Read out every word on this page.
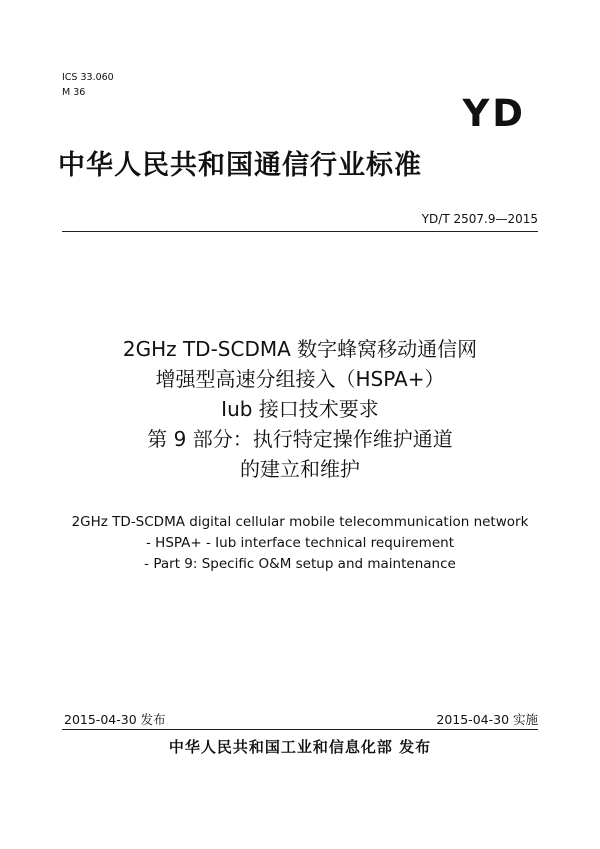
ICS 33.060
M 36	YD
中华人民共和国通信行业标准
YD/T 2507.9—2015
2GHz TD-SCDMA 数字蜂窝移动通信网
增强型高速分组接入（HSPA+）
Iub 接口技术要求
第 9 部分：执行特定操作维护通道
的建立和维护
2GHz TD-SCDMA digital cellular mobile telecommunication network
- HSPA+ - Iub interface technical requirement
- Part 9: Specific O&M setup and maintenance
2015-04-30 发布	2015-04-30 实施
中华人民共和国工业和信息化部 发布
